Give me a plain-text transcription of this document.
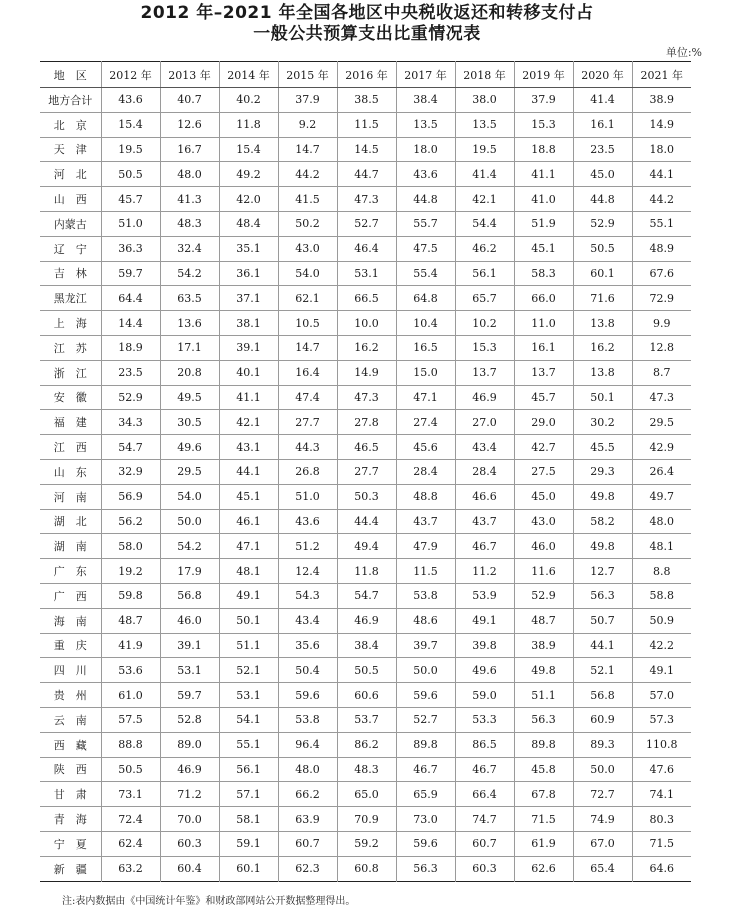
2012 年–2021 年全国各地区中央税收返还和转移支付占
一般公共预算支出比重情况表
单位:%
地　区	2012 年	2013 年	2014 年	2015 年	2016 年	2017 年	2018 年	2019 年	2020 年	2021 年
地方合计	43.6	40.7	40.2	37.9	38.5	38.4	38.0	37.9	41.4	38.9
北　京	15.4	12.6	11.8	9.2	11.5	13.5	13.5	15.3	16.1	14.9
天　津	19.5	16.7	15.4	14.7	14.5	18.0	19.5	18.8	23.5	18.0
河　北	50.5	48.0	49.2	44.2	44.7	43.6	41.4	41.1	45.0	44.1
山　西	45.7	41.3	42.0	41.5	47.3	44.8	42.1	41.0	44.8	44.2
内蒙古	51.0	48.3	48.4	50.2	52.7	55.7	54.4	51.9	52.9	55.1
辽　宁	36.3	32.4	35.1	43.0	46.4	47.5	46.2	45.1	50.5	48.9
吉　林	59.7	54.2	36.1	54.0	53.1	55.4	56.1	58.3	60.1	67.6
黑龙江	64.4	63.5	37.1	62.1	66.5	64.8	65.7	66.0	71.6	72.9
上　海	14.4	13.6	38.1	10.5	10.0	10.4	10.2	11.0	13.8	9.9
江　苏	18.9	17.1	39.1	14.7	16.2	16.5	15.3	16.1	16.2	12.8
浙　江	23.5	20.8	40.1	16.4	14.9	15.0	13.7	13.7	13.8	8.7
安　徽	52.9	49.5	41.1	47.4	47.3	47.1	46.9	45.7	50.1	47.3
福　建	34.3	30.5	42.1	27.7	27.8	27.4	27.0	29.0	30.2	29.5
江　西	54.7	49.6	43.1	44.3	46.5	45.6	43.4	42.7	45.5	42.9
山　东	32.9	29.5	44.1	26.8	27.7	28.4	28.4	27.5	29.3	26.4
河　南	56.9	54.0	45.1	51.0	50.3	48.8	46.6	45.0	49.8	49.7
湖　北	56.2	50.0	46.1	43.6	44.4	43.7	43.7	43.0	58.2	48.0
湖　南	58.0	54.2	47.1	51.2	49.4	47.9	46.7	46.0	49.8	48.1
广　东	19.2	17.9	48.1	12.4	11.8	11.5	11.2	11.6	12.7	8.8
广　西	59.8	56.8	49.1	54.3	54.7	53.8	53.9	52.9	56.3	58.8
海　南	48.7	46.0	50.1	43.4	46.9	48.6	49.1	48.7	50.7	50.9
重　庆	41.9	39.1	51.1	35.6	38.4	39.7	39.8	38.9	44.1	42.2
四　川	53.6	53.1	52.1	50.4	50.5	50.0	49.6	49.8	52.1	49.1
贵　州	61.0	59.7	53.1	59.6	60.6	59.6	59.0	51.1	56.8	57.0
云　南	57.5	52.8	54.1	53.8	53.7	52.7	53.3	56.3	60.9	57.3
西　藏	88.8	89.0	55.1	96.4	86.2	89.8	86.5	89.8	89.3	110.8
陕　西	50.5	46.9	56.1	48.0	48.3	46.7	46.7	45.8	50.0	47.6
甘　肃	73.1	71.2	57.1	66.2	65.0	65.9	66.4	67.8	72.7	74.1
青　海	72.4	70.0	58.1	63.9	70.9	73.0	74.7	71.5	74.9	80.3
宁　夏	62.4	60.3	59.1	60.7	59.2	59.6	60.7	61.9	67.0	71.5
新　疆	63.2	60.4	60.1	62.3	60.8	56.3	60.3	62.6	65.4	64.6
注:表内数据由《中国统计年鉴》和财政部网站公开数据整理得出。
